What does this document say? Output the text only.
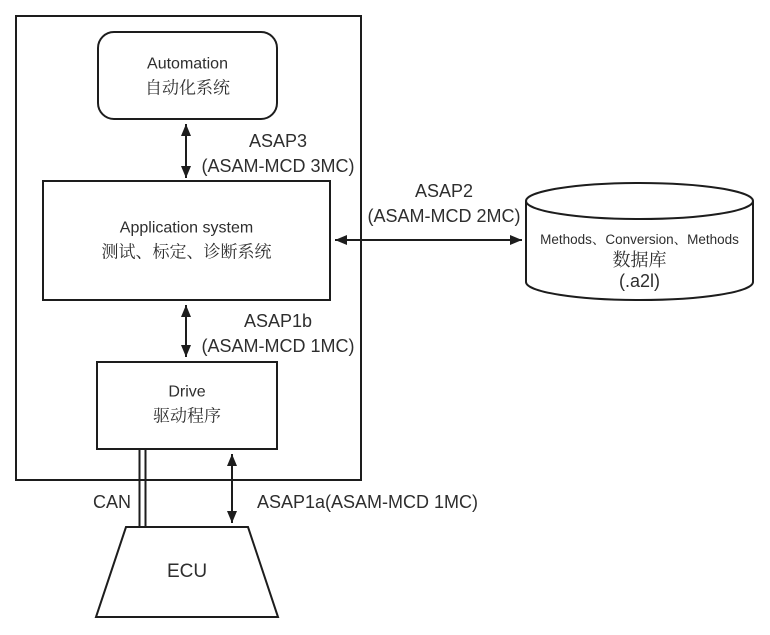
Automation
自动化系统
Application system
测试、标定、诊断系统
Drive
驱动程序
Methods、Conversion、Methods
数据库
(.a2l)
ECU
ASAP3
(ASAM-MCD 3MC)
ASAP2
(ASAM-MCD 2MC)
ASAP1b
(ASAM-MCD 1MC)
ASAP1a(ASAM-MCD 1MC)
CAN
